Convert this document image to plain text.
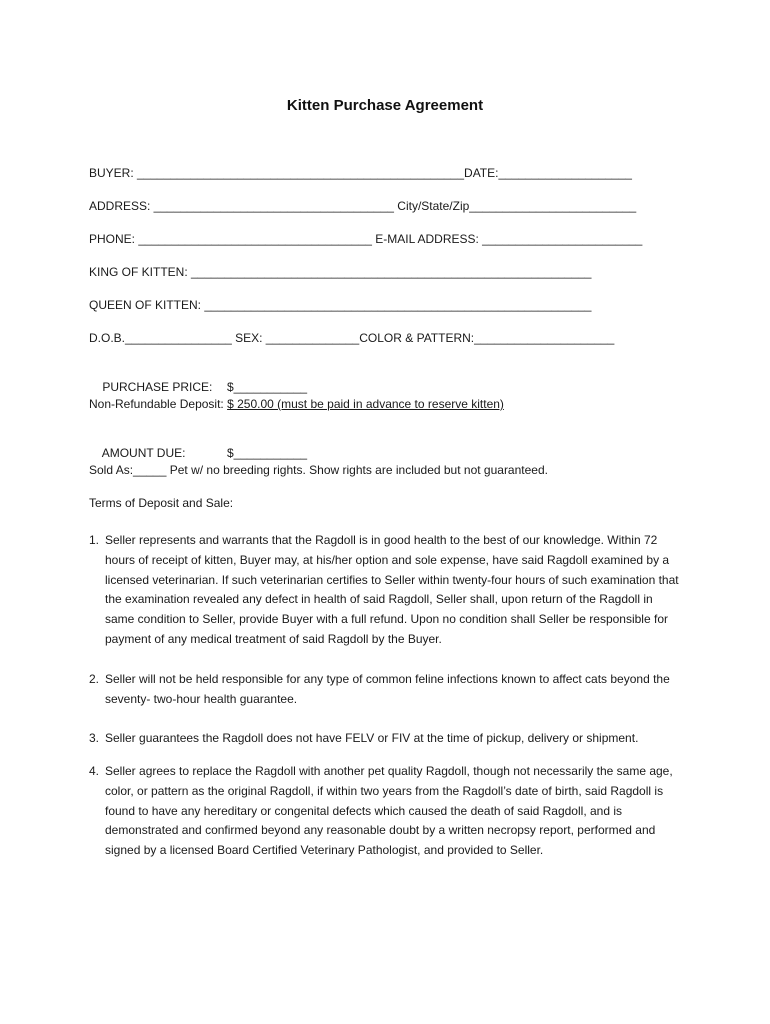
Kitten Purchase Agreement
BUYER: _________________________________________________DATE:____________________
ADDRESS: ____________________________________ City/State/Zip_________________________
PHONE: ___________________________________ E-MAIL ADDRESS: ________________________
KING OF KITTEN: ____________________________________________________________
QUEEN OF KITTEN: __________________________________________________________
D.O.B.________________ SEX: ______________COLOR & PATTERN:_____________________

PURCHASE PRICE: $___________

Non-Refundable Deposit: $ 250.00 (must be paid in advance to reserve kitten)

AMOUNT DUE:	$___________

Sold As:_____ Pet w/ no breeding rights. Show rights are included but not guaranteed.
Terms of Deposit and Sale:
1. Seller represents and warrants that the Ragdoll is in good health to the best of our knowledge. Within 72 hours of receipt of kitten, Buyer may, at his/her option and sole expense, have said Ragdoll examined by a licensed veterinarian. If such veterinarian certifies to Seller within twenty-four hours of such examination that the examination revealed any defect in health of said Ragdoll, Seller shall, upon return of the Ragdoll in same condition to Seller, provide Buyer with a full refund. Upon no condition shall Seller be responsible for payment of any medical treatment of said Ragdoll by the Buyer.
2. Seller will not be held responsible for any type of common feline infections known to affect cats beyond the seventy- two-hour health guarantee.
3. Seller guarantees the Ragdoll does not have FELV or FIV at the time of pickup, delivery or shipment.
4. Seller agrees to replace the Ragdoll with another pet quality Ragdoll, though not necessarily the same age, color, or pattern as the original Ragdoll, if within two years from the Ragdoll’s date of birth, said Ragdoll is found to have any hereditary or congenital defects which caused the death of said Ragdoll, and is demonstrated and confirmed beyond any reasonable doubt by a written necropsy report, performed and signed by a licensed Board Certified Veterinary Pathologist, and provided to Seller.
